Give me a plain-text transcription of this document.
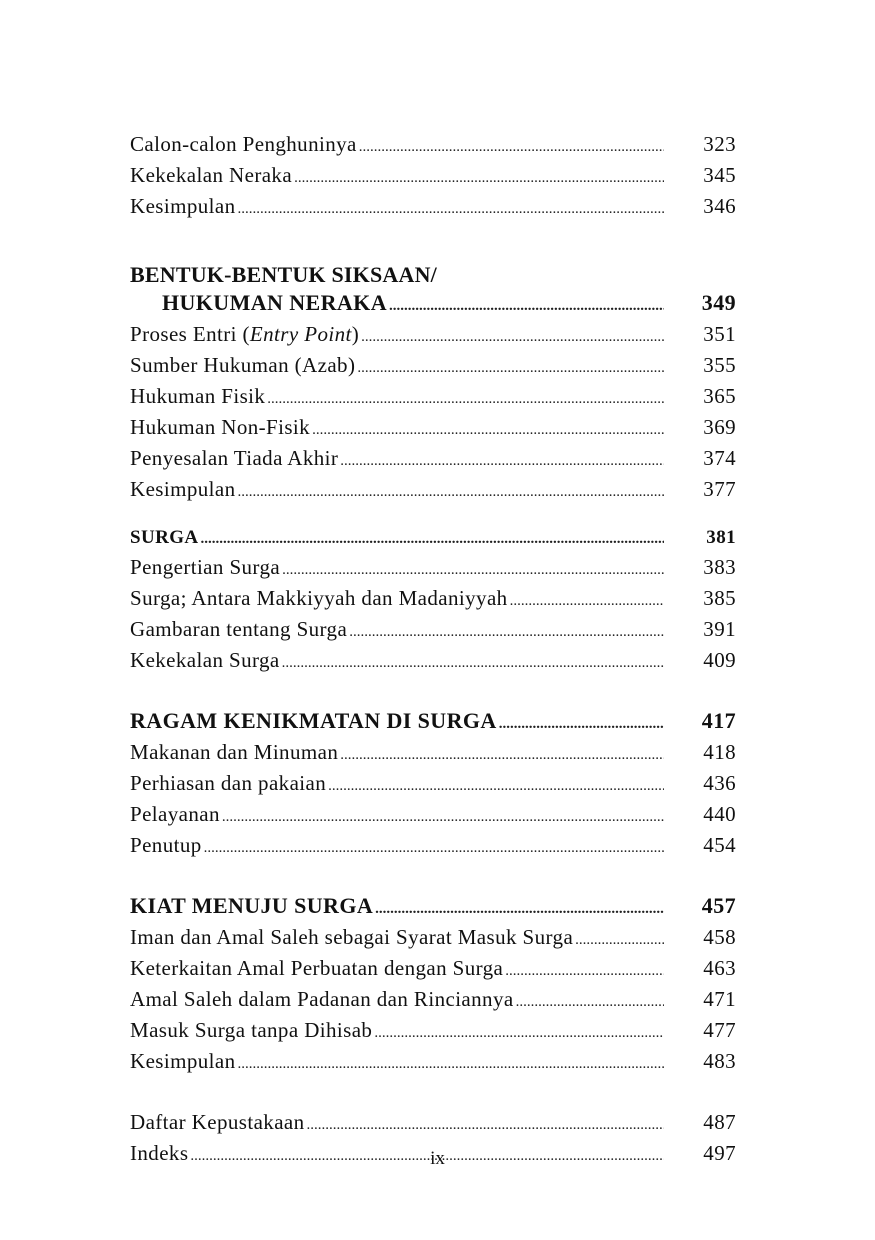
Calon-calon Penghuninya .....	323
Kekekalan Neraka .....	345
Kesimpulan .....	346
BENTUK-BENTUK SIKSAAN/
HUKUMAN NERAKA .....	349
Proses Entri (Entry Point) .....	351
Sumber Hukuman (Azab) .....	355
Hukuman Fisik .....	365
Hukuman Non-Fisik .....	369
Penyesalan Tiada Akhir .....	374
Kesimpulan .....	377
SURGA .....	381
Pengertian Surga .....	383
Surga; Antara Makkiyyah dan Madaniyyah .....	385
Gambaran tentang Surga .....	391
Kekekalan Surga .....	409
RAGAM KENIKMATAN DI SURGA .....	417
Makanan dan Minuman .....	418
Perhiasan dan pakaian .....	436
Pelayanan .....	440
Penutup .....	454
KIAT MENUJU SURGA .....	457
Iman dan Amal Saleh sebagai Syarat Masuk Surga .....	458
Keterkaitan Amal Perbuatan dengan Surga .....	463
Amal Saleh dalam Padanan dan Rinciannya .....	471
Masuk Surga tanpa Dihisab .....	477
Kesimpulan .....	483
Daftar Kepustakaan .....	487
Indeks .....	497
ix
